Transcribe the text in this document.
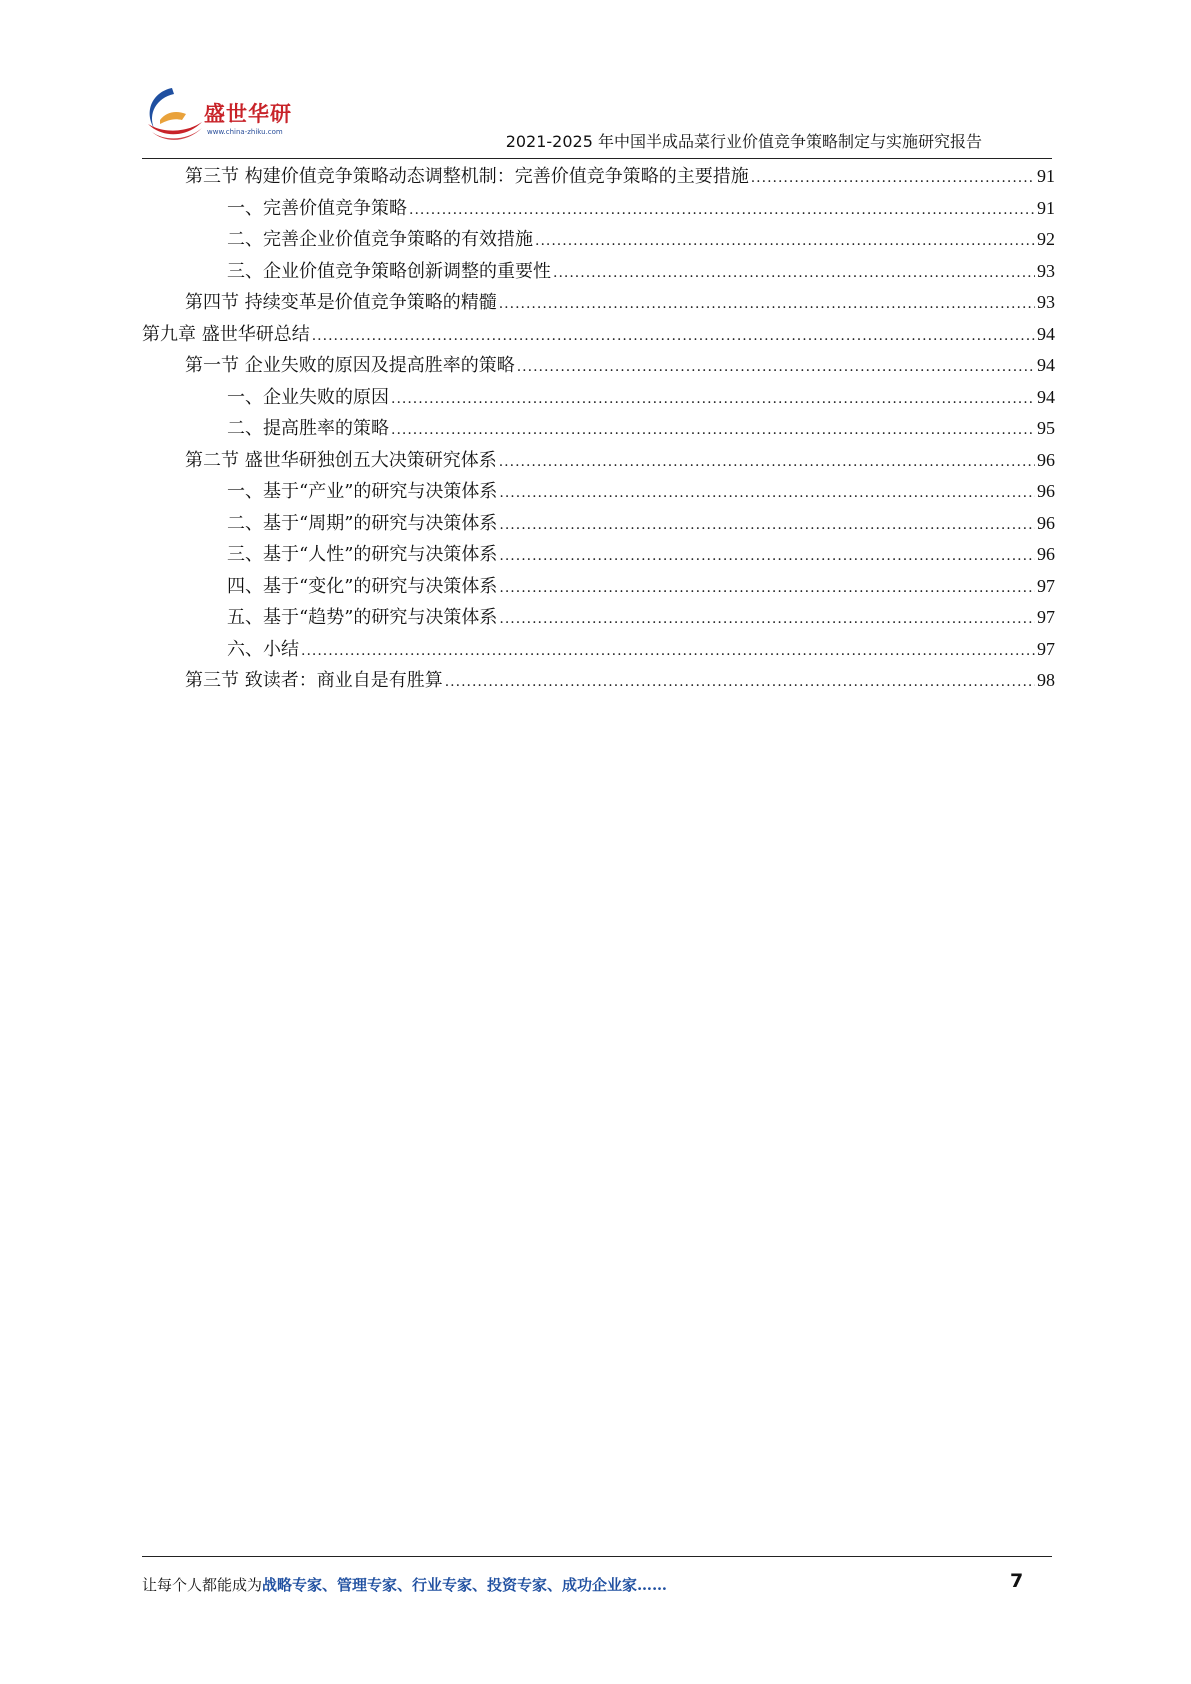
盛世华研
www.china-zhiku.com	2021-2025 年中国半成品菜行业价值竞争策略制定与实施研究报告
第三节 构建价值竞争策略动态调整机制：完善价值竞争策略的主要措施 .....	91
一、完善价值竞争策略 .....	91
二、完善企业价值竞争策略的有效措施 .....	92
三、企业价值竞争策略创新调整的重要性 .....	93
第四节 持续变革是价值竞争策略的精髓 .....	93
第九章 盛世华研总结 .....	94
第一节 企业失败的原因及提高胜率的策略 .....	94
一、企业失败的原因 .....	94
二、提高胜率的策略 .....	95
第二节 盛世华研独创五大决策研究体系 .....	96
一、基于“产业”的研究与决策体系 .....	96
二、基于“周期”的研究与决策体系 .....	96
三、基于“人性”的研究与决策体系 .....	96
四、基于“变化”的研究与决策体系 .....	97
五、基于“趋势”的研究与决策体系 .....	97
六、小结 .....	97
第三节 致读者：商业自是有胜算 .....	98
让每个人都能成为战略专家、管理专家、行业专家、投资专家、成功企业家……	7
